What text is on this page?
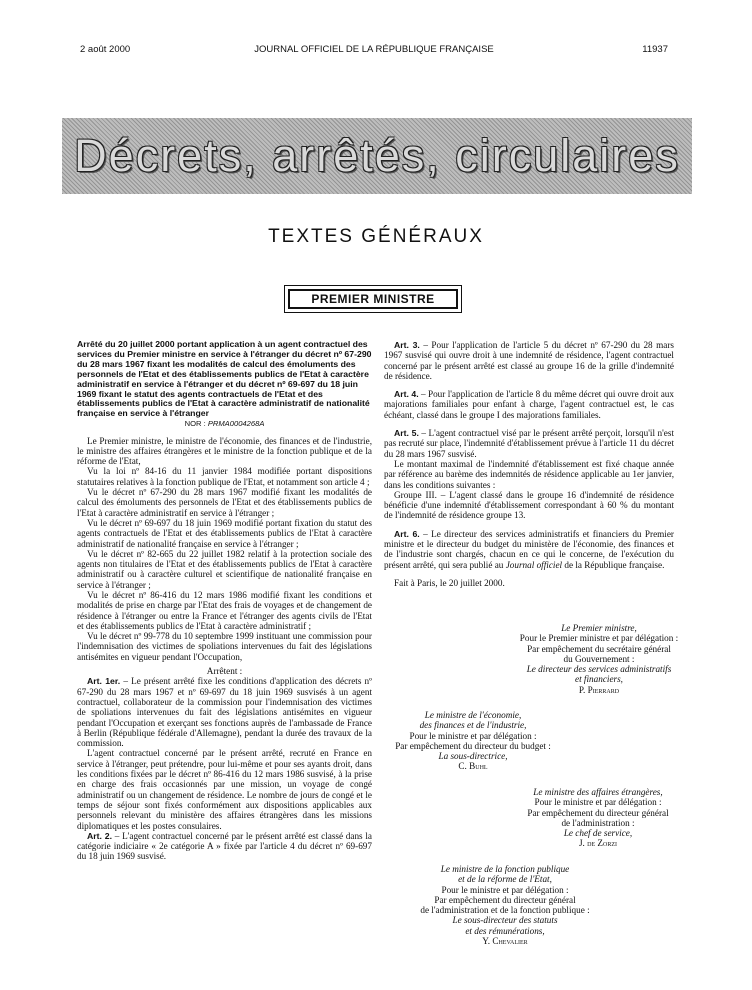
2 août 2000	JOURNAL OFFICIEL DE LA RÉPUBLIQUE FRANÇAISE	11937
Décrets, arrêtés, circulaires
TEXTES GÉNÉRAUX
PREMIER MINISTRE

Arrêté du 20 juillet 2000 portant application à un agent contractuel des services du Premier ministre en service à l'étranger du décret nº 67-290 du 28 mars 1967 fixant les modalités de calcul des émoluments des personnels de l'Etat et des établissements publics de l'Etat à caractère administratif en service à l'étranger et du décret nº 69-697 du 18 juin 1969 fixant le statut des agents contractuels de l'Etat et des établissements publics de l'Etat à caractère administratif de nationalité française en service à l'étranger

NOR : PRMA0004268A

Le Premier ministre, le ministre de l'économie, des finances et de l'industrie, le ministre des affaires étrangères et le ministre de la fonction publique et de la réforme de l'Etat,

Vu la loi nº 84-16 du 11 janvier 1984 modifiée portant dispositions statutaires relatives à la fonction publique de l'Etat, et notamment son article 4 ;

Vu le décret nº 67-290 du 28 mars 1967 modifié fixant les modalités de calcul des émoluments des personnels de l'Etat et des établissements publics de l'Etat à caractère administratif en service à l'étranger ;

Vu le décret nº 69-697 du 18 juin 1969 modifié portant fixation du statut des agents contractuels de l'Etat et des établissements publics de l'Etat à caractère administratif de nationalité française en service à l'étranger ;

Vu le décret nº 82-665 du 22 juillet 1982 relatif à la protection sociale des agents non titulaires de l'Etat et des établissements publics de l'Etat à caractère administratif ou à caractère culturel et scientifique de nationalité française en service à l'étranger ;

Vu le décret nº 86-416 du 12 mars 1986 modifié fixant les conditions et modalités de prise en charge par l'Etat des frais de voyages et de changement de résidence à l'étranger ou entre la France et l'étranger des agents civils de l'Etat et des établissements publics de l'Etat à caractère administratif ;

Vu le décret nº 99-778 du 10 septembre 1999 instituant une commission pour l'indemnisation des victimes de spoliations intervenues du fait des législations antisémites en vigueur pendant l'Occupation,

Arrêtent :

Art. 1er. – Le présent arrêté fixe les conditions d'application des décrets nº 67-290 du 28 mars 1967 et nº 69-697 du 18 juin 1969 susvisés à un agent contractuel, collaborateur de la commission pour l'indemnisation des victimes de spoliations intervenues du fait des législations antisémites en vigueur pendant l'Occupation et exerçant ses fonctions auprès de l'ambassade de France à Berlin (République fédérale d'Allemagne), pendant la durée des travaux de la commission.

L'agent contractuel concerné par le présent arrêté, recruté en France en service à l'étranger, peut prétendre, pour lui-même et pour ses ayants droit, dans les conditions fixées par le décret nº 86-416 du 12 mars 1986 susvisé, à la prise en charge des frais occasionnés par une mission, un voyage de congé administratif ou un changement de résidence. Le nombre de jours de congé et le temps de séjour sont fixés conformément aux dispositions applicables aux personnels relevant du ministère des affaires étrangères dans les missions diplomatiques et les postes consulaires.

Art. 2. – L'agent contractuel concerné par le présent arrêté est classé dans la catégorie indiciaire « 2e catégorie A » fixée par l'article 4 du décret nº 69-697 du 18 juin 1969 susvisé.

Art. 3. – Pour l'application de l'article 5 du décret nº 67-290 du 28 mars 1967 susvisé qui ouvre droit à une indemnité de résidence, l'agent contractuel concerné par le présent arrêté est classé au groupe 16 de la grille d'indemnité de résidence.

Art. 4. – Pour l'application de l'article 8 du même décret qui ouvre droit aux majorations familiales pour enfant à charge, l'agent contractuel est, le cas échéant, classé dans le groupe I des majorations familiales.

Art. 5. – L'agent contractuel visé par le présent arrêté perçoit, lorsqu'il n'est pas recruté sur place, l'indemnité d'établissement prévue à l'article 11 du décret du 28 mars 1967 susvisé.

Le montant maximal de l'indemnité d'établissement est fixé chaque année par référence au barème des indemnités de résidence applicable au 1er janvier, dans les conditions suivantes :

Groupe III. – L'agent classé dans le groupe 16 d'indemnité de résidence bénéficie d'une indemnité d'établissement correspondant à 60 % du montant de l'indemnité de résidence groupe 13.

Art. 6. – Le directeur des services administratifs et financiers du Premier ministre et le directeur du budget du ministère de l'économie, des finances et de l'industrie sont chargés, chacun en ce qui le concerne, de l'exécution du présent arrêté, qui sera publié au Journal officiel de la République française.

Fait à Paris, le 20 juillet 2000.

Le Premier ministre,
Pour le Premier ministre et par délégation :
Par empêchement du secrétaire général
du Gouvernement :
Le directeur des services administratifs
et financiers,
P. Pierrard
Le ministre de l'économie,
des finances et de l'industrie,
Pour le ministre et par délégation :
Par empêchement du directeur du budget :
La sous-directrice,
C. Buhl
Le ministre des affaires étrangères,
Pour le ministre et par délégation :
Par empêchement du directeur général
de l'administration :
Le chef de service,
J. de Zorzi
Le ministre de la fonction publique
et de la réforme de l'Etat,
Pour le ministre et par délégation :
Par empêchement du directeur général
de l'administration et de la fonction publique :
Le sous-directeur des statuts
et des rémunérations,
Y. Chevalier
